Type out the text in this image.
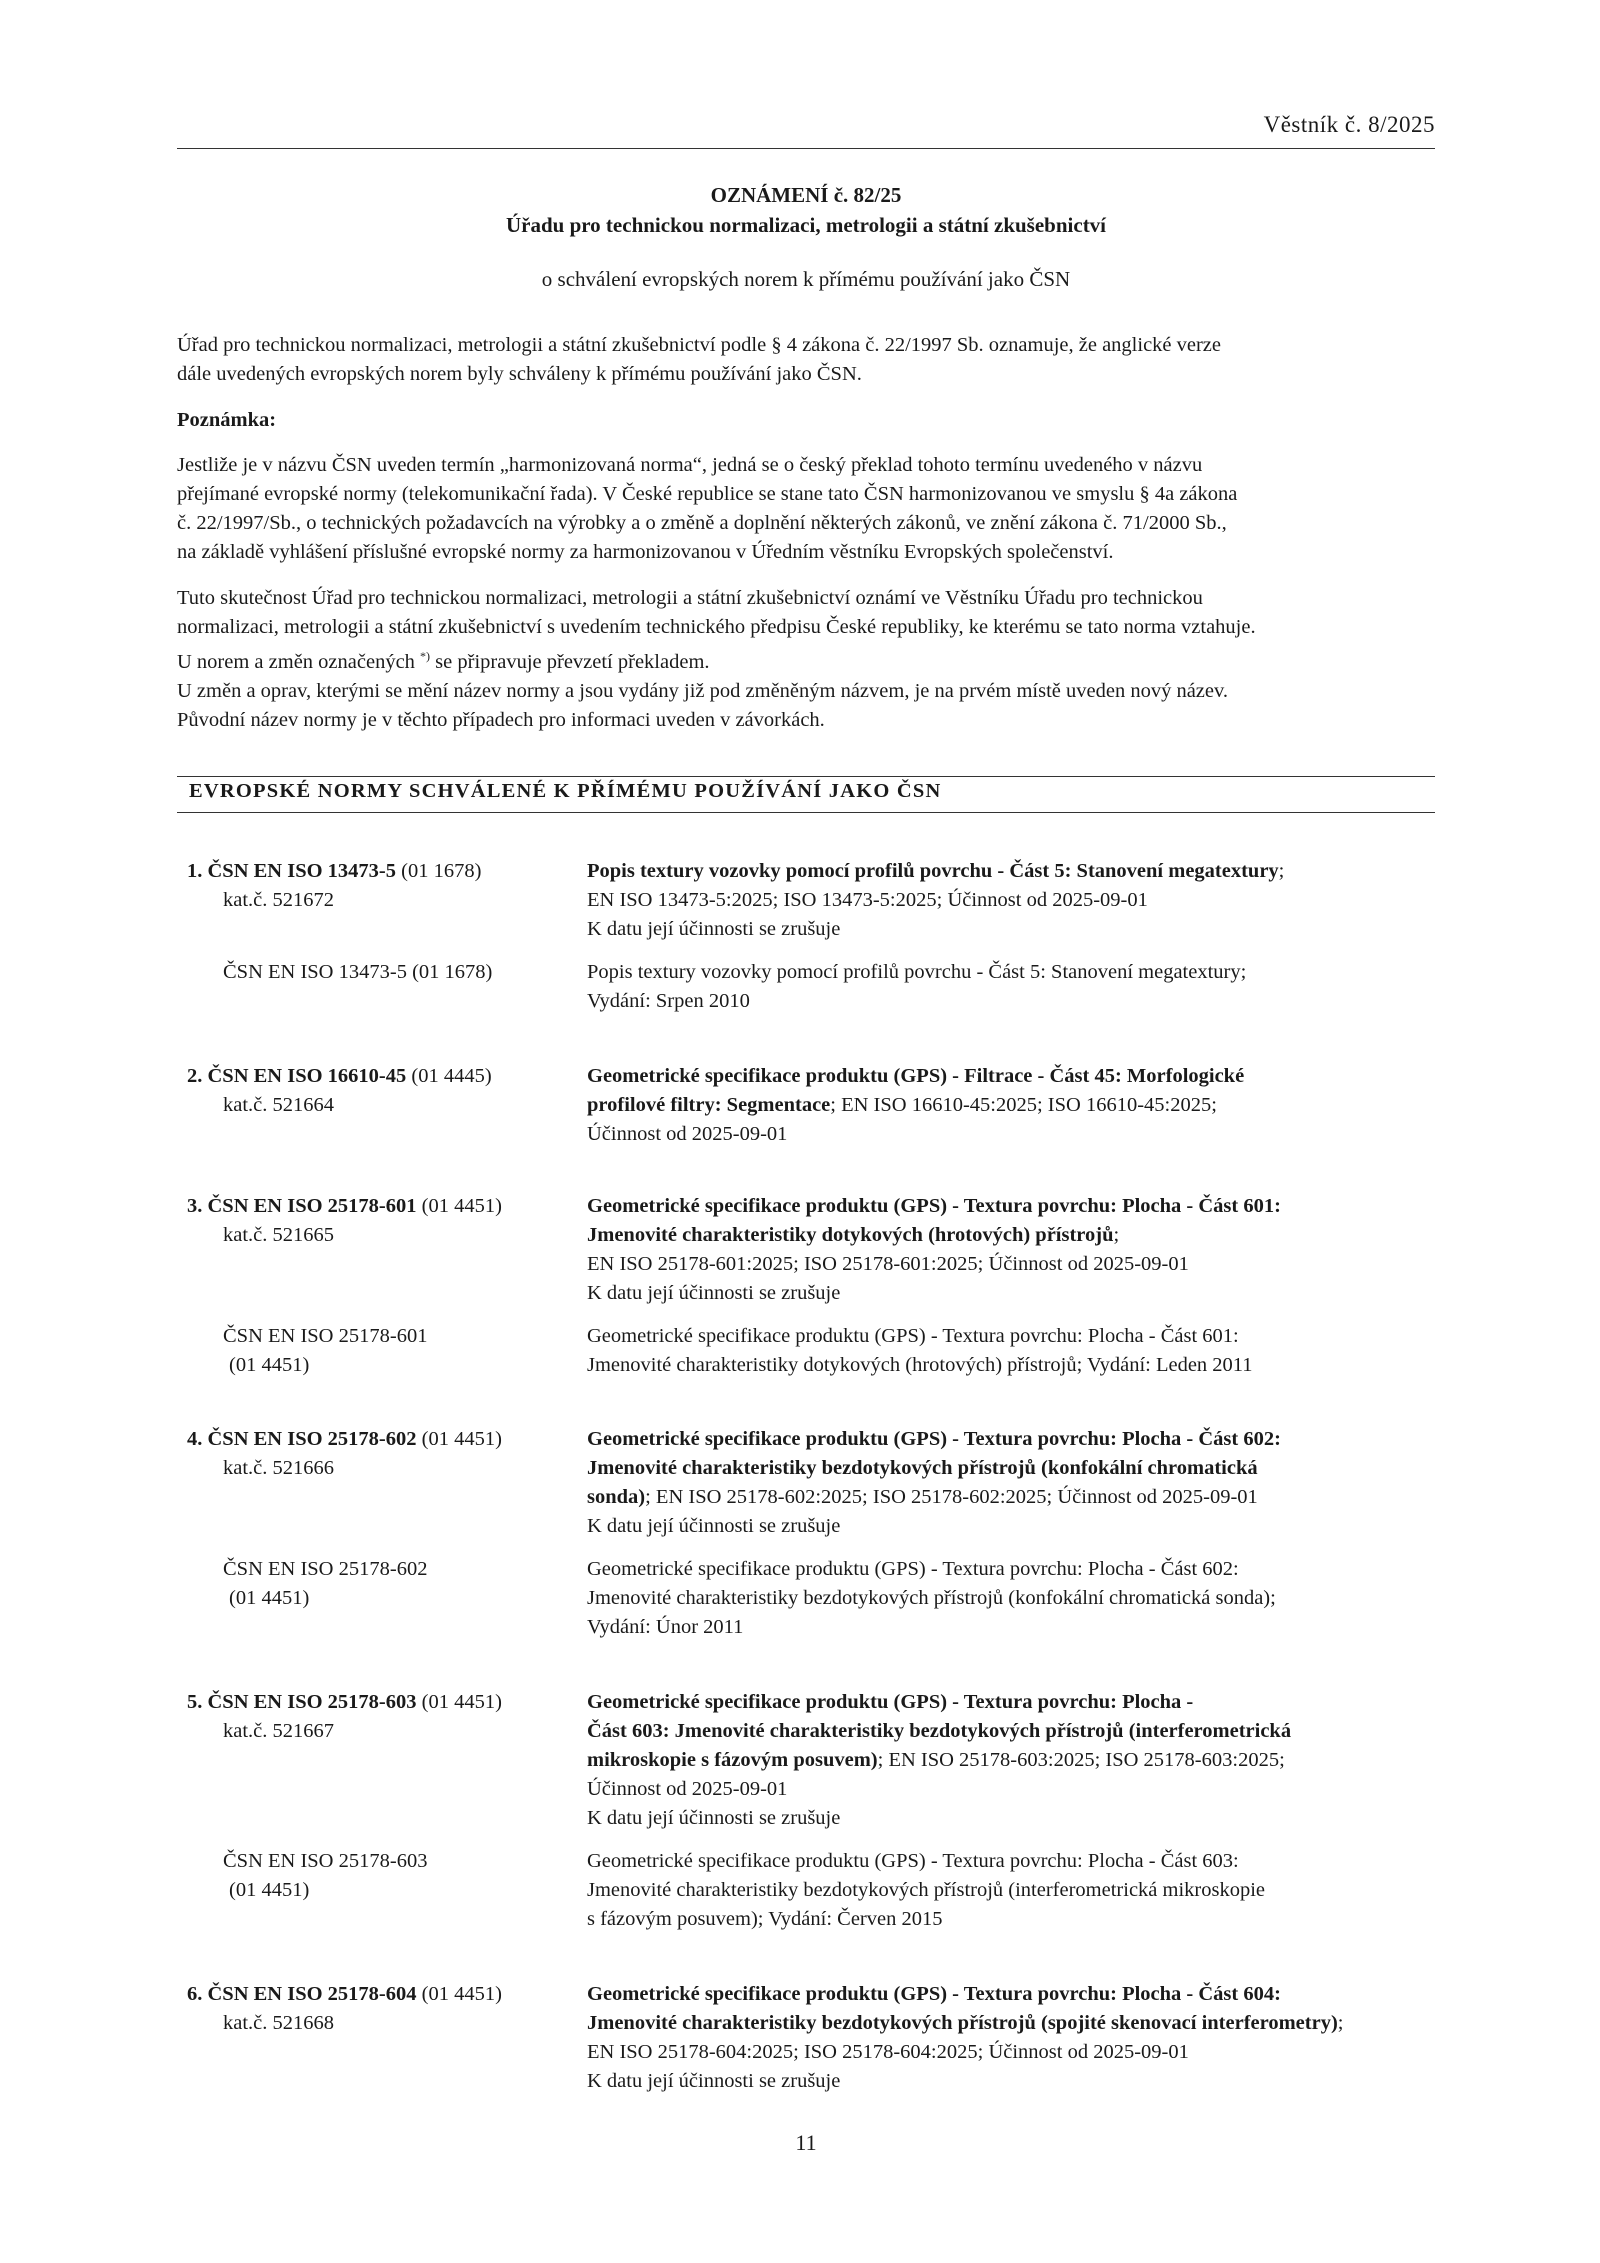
Věstník č. 8/2025
OZNÁMENÍ č. 82/25
Úřadu pro technickou normalizaci, metrologii a státní zkušebnictví
o schválení evropských norem k přímému používání jako ČSN
Úřad pro technickou normalizaci, metrologii a státní zkušebnictví podle § 4 zákona č. 22/1997 Sb. oznamuje, že anglické verze
dále uvedených evropských norem byly schváleny k přímému používání jako ČSN.
Poznámka:
Jestliže je v názvu ČSN uveden termín „harmonizovaná norma“, jedná se o český překlad tohoto termínu uvedeného v názvu
přejímané evropské normy (telekomunikační řada). V České republice se stane tato ČSN harmonizovanou ve smyslu § 4a zákona
č. 22/1997/Sb., o technických požadavcích na výrobky a o změně a doplnění některých zákonů, ve znění zákona č. 71/2000 Sb.,
na základě vyhlášení příslušné evropské normy za harmonizovanou v Úředním věstníku Evropských společenství.
Tuto skutečnost Úřad pro technickou normalizaci, metrologii a státní zkušebnictví oznámí ve Věstníku Úřadu pro technickou
normalizaci, metrologii a státní zkušebnictví s uvedením technického předpisu České republiky, ke kterému se tato norma vztahuje.
U norem a změn označených *) se připravuje převzetí překladem.
U změn a oprav, kterými se mění název normy a jsou vydány již pod změněným názvem, je na prvém místě uveden nový název.
Původní název normy je v těchto případech pro informaci uveden v závorkách.
EVROPSKÉ NORMY SCHVÁLENÉ K PŘÍMÉMU POUŽÍVÁNÍ JAKO ČSN
1. ČSN EN ISO 13473-5 (01 1678)
kat.č. 521672
Popis textury vozovky pomocí profilů povrchu - Část 5: Stanovení megatextury;
EN ISO 13473-5:2025; ISO 13473-5:2025; Účinnost od 2025-09-01
K datu její účinnosti se zrušuje
ČSN EN ISO 13473-5 (01 1678)	Popis textury vozovky pomocí profilů povrchu - Část 5: Stanovení megatextury;
Vydání: Srpen 2010
2. ČSN EN ISO 16610-45 (01 4445)
kat.č. 521664
Geometrické specifikace produktu (GPS) - Filtrace - Část 45: Morfologické
profilové filtry: Segmentace; EN ISO 16610-45:2025; ISO 16610-45:2025;
Účinnost od 2025-09-01
3. ČSN EN ISO 25178-601 (01 4451)
kat.č. 521665
Geometrické specifikace produktu (GPS) - Textura povrchu: Plocha - Část 601:
Jmenovité charakteristiky dotykových (hrotových) přístrojů;
EN ISO 25178-601:2025; ISO 25178-601:2025; Účinnost od 2025-09-01
K datu její účinnosti se zrušuje
ČSN EN ISO 25178-601
(01 4451)
Geometrické specifikace produktu (GPS) - Textura povrchu: Plocha - Část 601:
Jmenovité charakteristiky dotykových (hrotových) přístrojů; Vydání: Leden 2011
4. ČSN EN ISO 25178-602 (01 4451)
kat.č. 521666
Geometrické specifikace produktu (GPS) - Textura povrchu: Plocha - Část 602:
Jmenovité charakteristiky bezdotykových přístrojů (konfokální chromatická
sonda); EN ISO 25178-602:2025; ISO 25178-602:2025; Účinnost od 2025-09-01
K datu její účinnosti se zrušuje
ČSN EN ISO 25178-602
(01 4451)
Geometrické specifikace produktu (GPS) - Textura povrchu: Plocha - Část 602:
Jmenovité charakteristiky bezdotykových přístrojů (konfokální chromatická sonda);
Vydání: Únor 2011
5. ČSN EN ISO 25178-603 (01 4451)
kat.č. 521667
Geometrické specifikace produktu (GPS) - Textura povrchu: Plocha -
Část 603: Jmenovité charakteristiky bezdotykových přístrojů (interferometrická
mikroskopie s fázovým posuvem); EN ISO 25178-603:2025; ISO 25178-603:2025;
Účinnost od 2025-09-01
K datu její účinnosti se zrušuje
ČSN EN ISO 25178-603
(01 4451)
Geometrické specifikace produktu (GPS) - Textura povrchu: Plocha - Část 603:
Jmenovité charakteristiky bezdotykových přístrojů (interferometrická mikroskopie
s fázovým posuvem); Vydání: Červen 2015
6. ČSN EN ISO 25178-604 (01 4451)
kat.č. 521668
Geometrické specifikace produktu (GPS) - Textura povrchu: Plocha - Část 604:
Jmenovité charakteristiky bezdotykových přístrojů (spojité skenovací interferometry);
EN ISO 25178-604:2025; ISO 25178-604:2025; Účinnost od 2025-09-01
K datu její účinnosti se zrušuje
11
